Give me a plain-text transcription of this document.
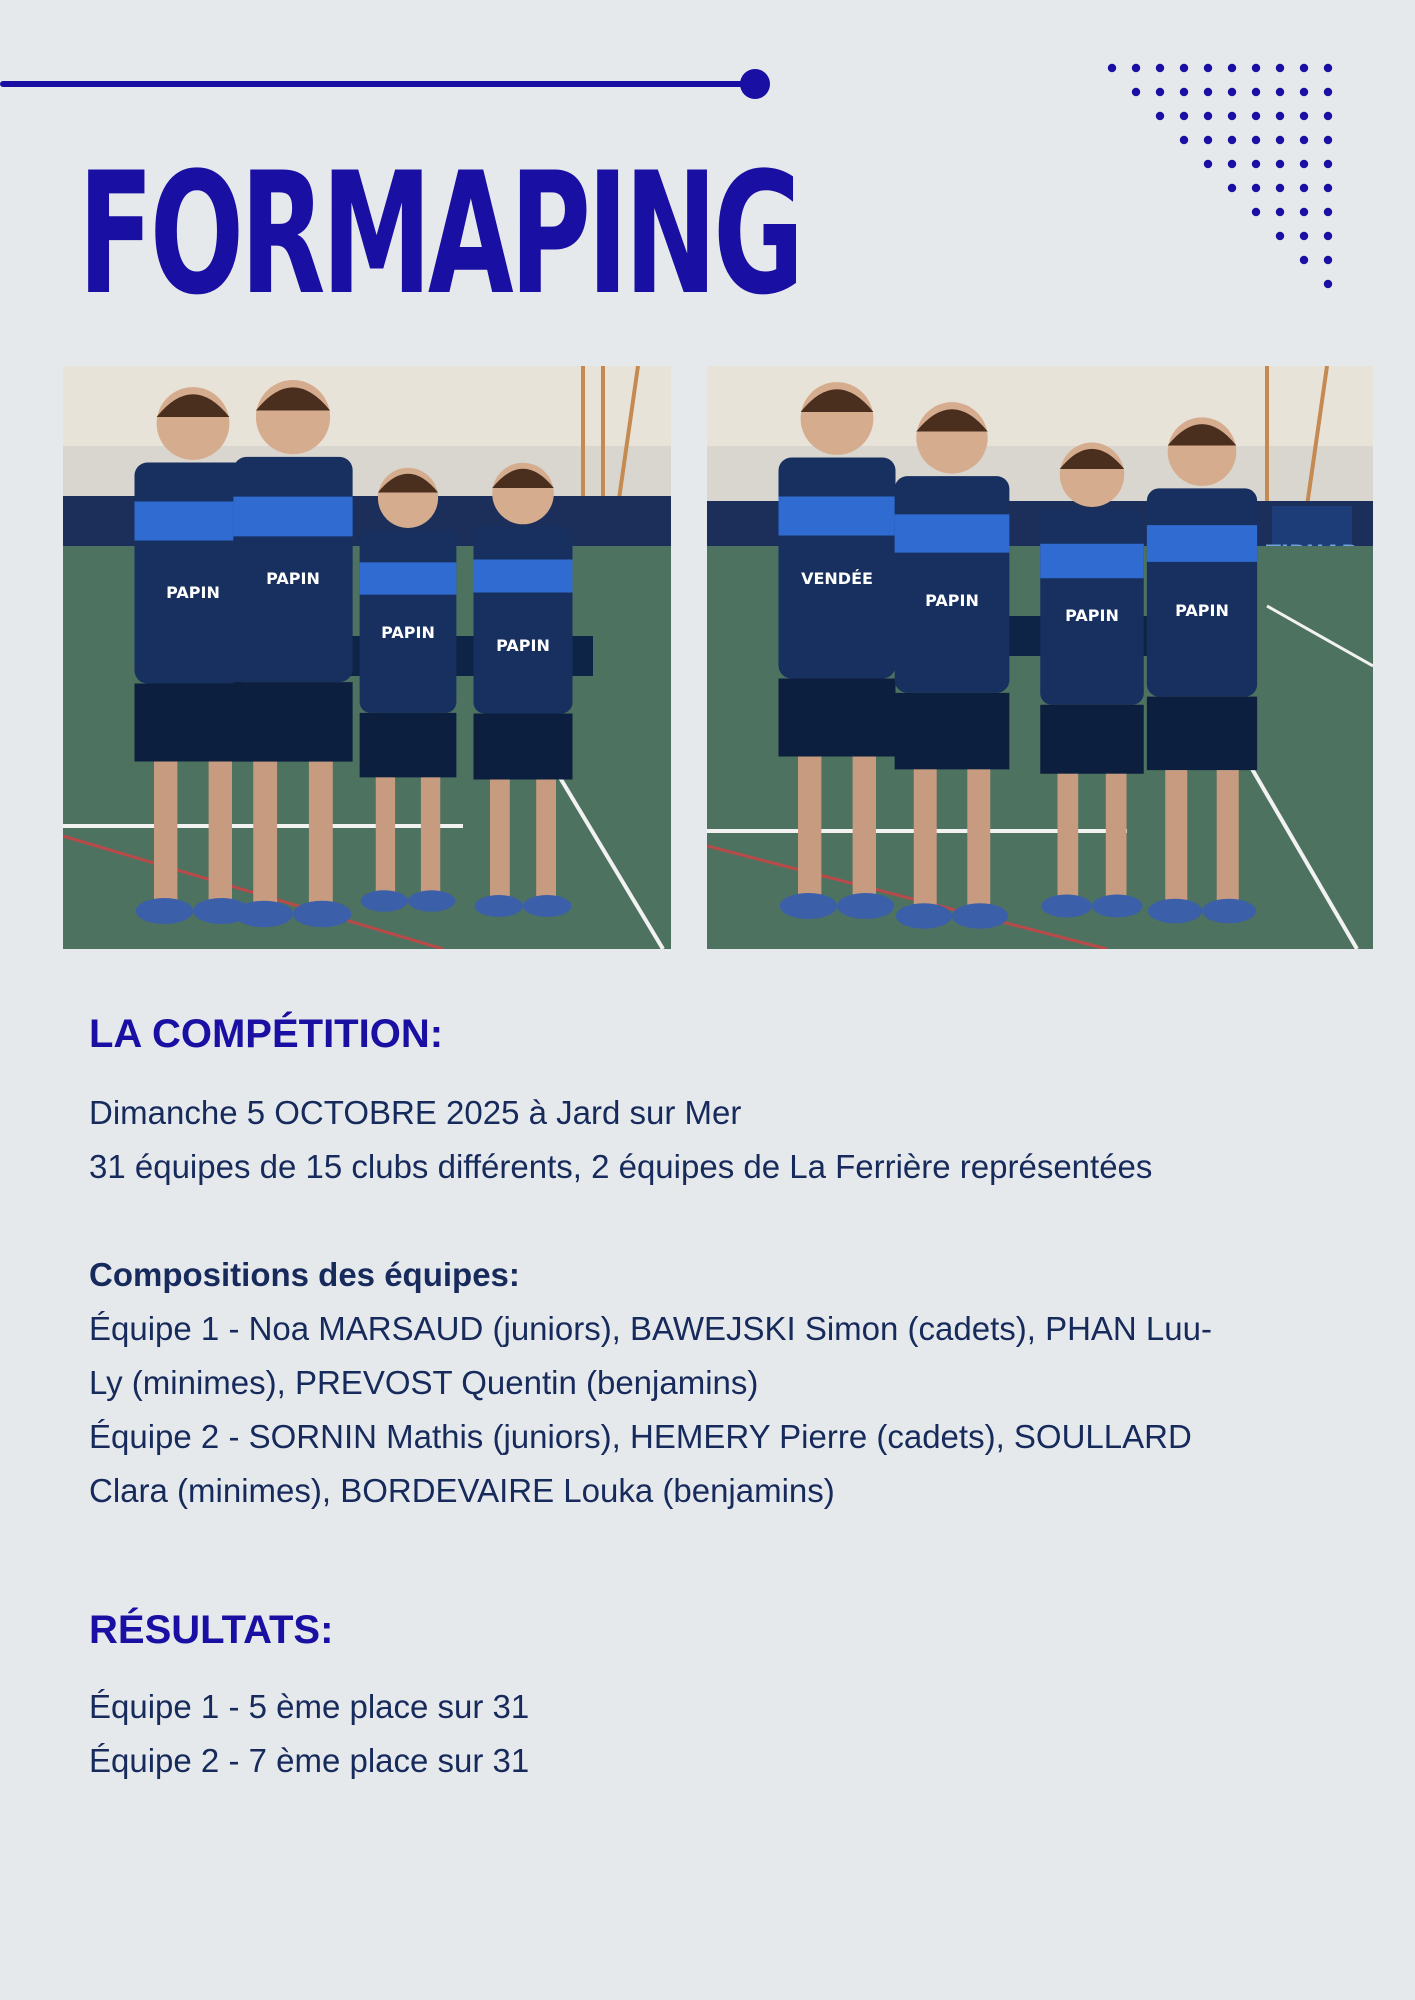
FORMAPING
PAPIN
PAPIN
PAPIN
PAPIN
VENDÉE
PAPIN
PAPIN	PAPIN
LA COMPÉTITION:

Dimanche 5 OCTOBRE 2025 à Jard sur Mer

31 équipes de 15 clubs différents, 2 équipes de La Ferrière représentées

Compositions des équipes:

Équipe 1 - Noa MARSAUD (juniors), BAWEJSKI Simon (cadets), PHAN Luu-

Ly (minimes), PREVOST Quentin (benjamins)

Équipe 2 - SORNIN Mathis (juniors), HEMERY Pierre (cadets), SOULLARD

Clara (minimes), BORDEVAIRE Louka (benjamins)

RÉSULTATS:

Équipe 1 - 5 ème place sur 31

Équipe 2 - 7 ème place sur 31
